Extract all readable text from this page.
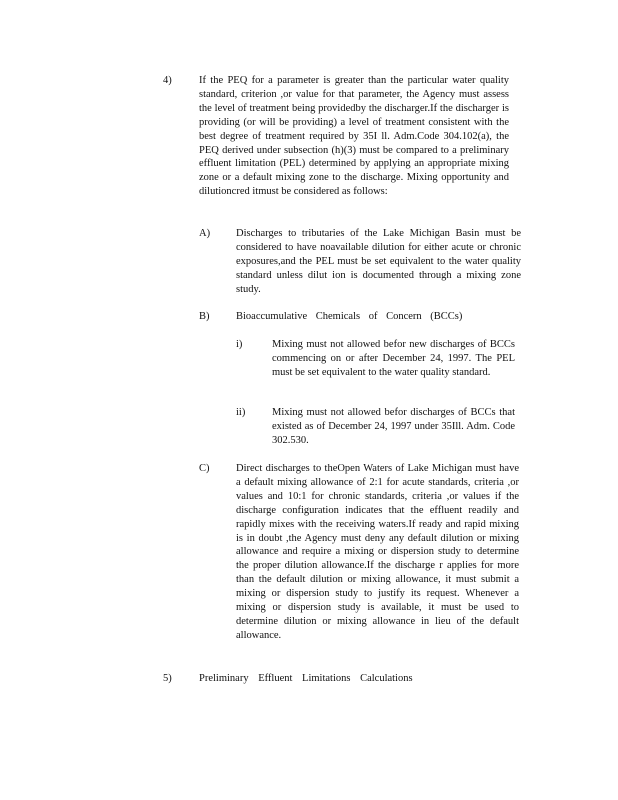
4)	If the PEQ for a parameter is greater than the particular water quality standard, criterion ,or value for that parameter, the Agency must assess the level of treatment being providedby the discharger.If the discharger is providing (or will be providing) a level of treatment consistent with the best degree of treatment required by 35I ll. Adm.Code 304.102(a), the PEQ derived under subsection (h)(3) must be compared to a preliminary effluent limitation (PEL) determined by applying an appropriate mixing zone or a default mixing zone to the discharge. Mixing opportunity and dilutioncred itmust be considered as follows:

A) Discharges to tributaries of the Lake Michigan Basin must be considered to have noavailable dilution for either acute or chronic exposures,and the PEL must be set equivalent to the water quality standard unless dilut ion is documented through a mixing zone study.

B)	Bioaccumulative Chemicals of Concern (BCCs)

i)	Mixing must not allowed befor new discharges of BCCs commencing on or after December 24, 1997. The PEL must be set equivalent to the water quality standard.

ii)	Mixing must not allowed befor discharges of BCCs that existed as of December 24, 1997 under 35Ill. Adm. Code 302.530.

C)	Direct discharges to theOpen Waters of Lake Michigan must have a default mixing allowance of 2:1 for acute standards, criteria ,or values and 10:1 for chronic standards, criteria ,or values if the discharge configuration indicates that the effluent readily and rapidly mixes with the receiving waters.If ready and rapid mixing is in doubt ,the Agency must deny any default dilution or mixing allowance and require a mixing or dispersion study to determine the proper dilution allowance.If the discharge r applies for more than the default dilution or mixing allowance, it must submit a mixing or dispersion study to justify its request. Whenever a mixing or dispersion study is available, it must be used to determine dilution or mixing allowance in lieu of the default allowance.

5)	Preliminary Effluent Limitations Calculations
